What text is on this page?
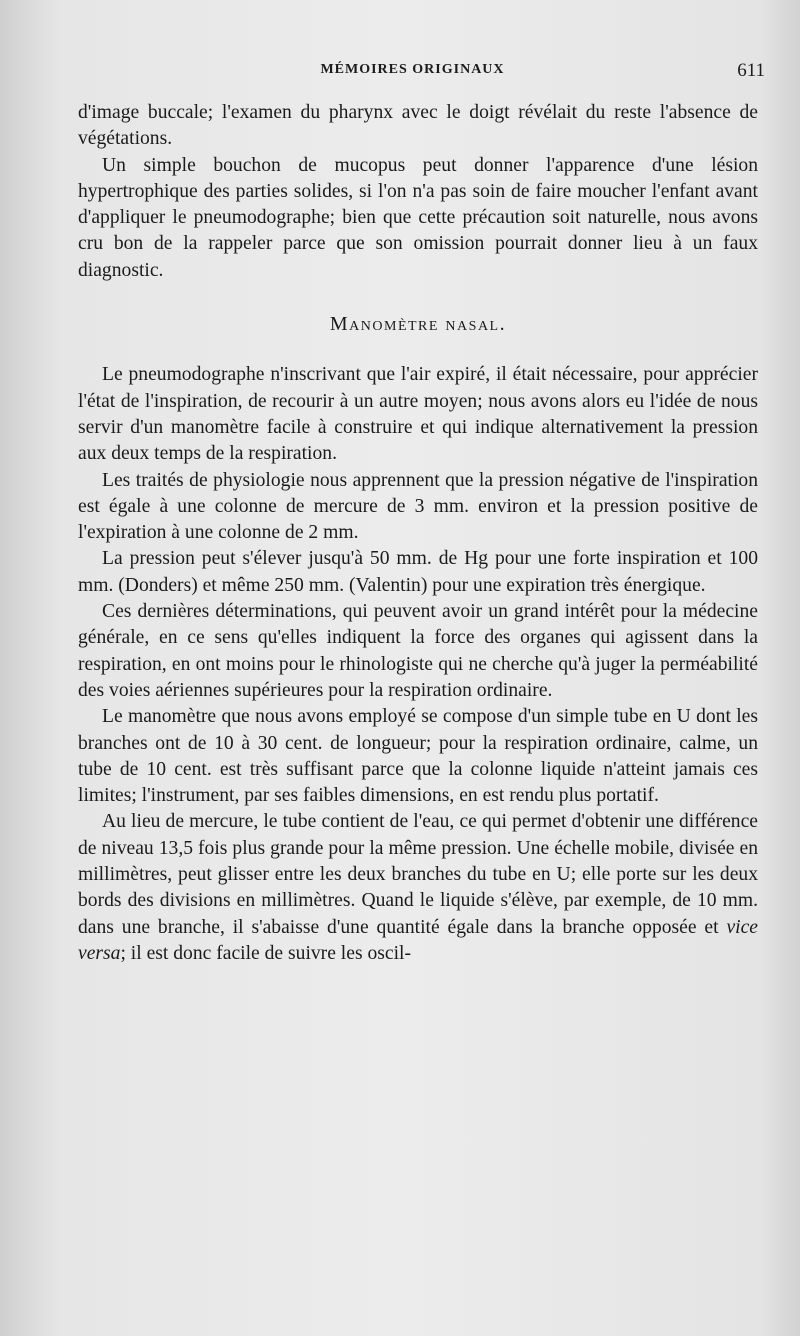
MÉMOIRES ORIGINAUX	611

d'image buccale; l'examen du pharynx avec le doigt révélait du reste l'absence de végétations.

Un simple bouchon de mucopus peut donner l'apparence d'une lésion hypertrophique des parties solides, si l'on n'a pas soin de faire moucher l'enfant avant d'appliquer le pneumodographe; bien que cette précaution soit naturelle, nous avons cru bon de la rappeler parce que son omission pourrait donner lieu à un faux diagnostic.

Manomètre nasal.

Le pneumodographe n'inscrivant que l'air expiré, il était nécessaire, pour apprécier l'état de l'inspiration, de recourir à un autre moyen; nous avons alors eu l'idée de nous servir d'un manomètre facile à construire et qui indique alternativement la pression aux deux temps de la respiration.

Les traités de physiologie nous apprennent que la pression négative de l'inspiration est égale à une colonne de mercure de 3 mm. environ et la pression positive de l'expiration à une colonne de 2 mm.

La pression peut s'élever jusqu'à 50 mm. de Hg pour une forte inspiration et 100 mm. (Donders) et même 250 mm. (Valentin) pour une expiration très énergique.

Ces dernières déterminations, qui peuvent avoir un grand intérêt pour la médecine générale, en ce sens qu'elles indiquent la force des organes qui agissent dans la respiration, en ont moins pour le rhinologiste qui ne cherche qu'à juger la perméabilité des voies aériennes supérieures pour la respiration ordinaire.

Le manomètre que nous avons employé se compose d'un simple tube en U dont les branches ont de 10 à 30 cent. de longueur; pour la respiration ordinaire, calme, un tube de 10 cent. est très suffisant parce que la colonne liquide n'atteint jamais ces limites; l'instrument, par ses faibles dimensions, en est rendu plus portatif.

Au lieu de mercure, le tube contient de l'eau, ce qui permet d'obtenir une différence de niveau 13,5 fois plus grande pour la même pression. Une échelle mobile, divisée en millimètres, peut glisser entre les deux branches du tube en U; elle porte sur les deux bords des divisions en millimètres. Quand le liquide s'élève, par exemple, de 10 mm. dans une branche, il s'abaisse d'une quantité égale dans la branche opposée et vice versa; il est donc facile de suivre les oscil-
